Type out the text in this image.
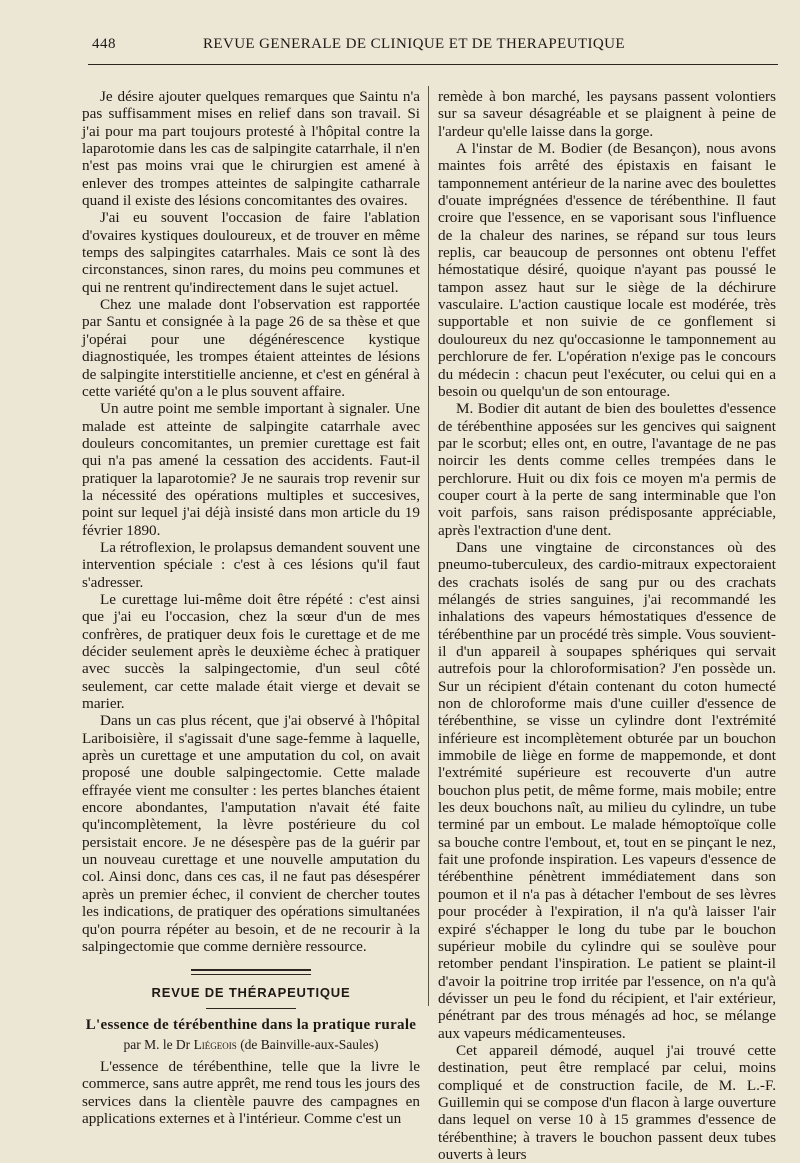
448	REVUE GENERALE DE CLINIQUE ET DE THERAPEUTIQUE

Je désire ajouter quelques remarques que Saintu n'a pas suffisamment mises en relief dans son travail. Si j'ai pour ma part toujours protesté à l'hôpital contre la laparotomie dans les cas de salpingite catarrhale, il n'en n'est pas moins vrai que le chirurgien est amené à enlever des trompes atteintes de salpingite catharrale quand il existe des lésions concomitantes des ovaires.

J'ai eu souvent l'occasion de faire l'ablation d'ovaires kystiques douloureux, et de trouver en même temps des salpingites catarrhales. Mais ce sont là des circonstances, sinon rares, du moins peu communes et qui ne rentrent qu'indirectement dans le sujet actuel.

Chez une malade dont l'observation est rapportée par Santu et consignée à la page 26 de sa thèse et que j'opérai pour une dégénérescence kystique diagnostiquée, les trompes étaient atteintes de lésions de salpingite interstitielle ancienne, et c'est en général à cette variété qu'on a le plus souvent affaire.

Un autre point me semble important à signaler. Une malade est atteinte de salpingite catarrhale avec douleurs concomitantes, un premier curettage est fait qui n'a pas amené la cessation des accidents. Faut-il pratiquer la laparotomie? Je ne saurais trop revenir sur la nécessité des opérations multiples et succesives, point sur lequel j'ai déjà insisté dans mon article du 19 février 1890.

La rétroflexion, le prolapsus demandent souvent une intervention spéciale : c'est à ces lésions qu'il faut s'adresser.

Le curettage lui-même doit être répété : c'est ainsi que j'ai eu l'occasion, chez la sœur d'un de mes confrères, de pratiquer deux fois le curettage et de me décider seulement après le deuxième échec à pratiquer avec succès la salpingectomie, d'un seul côté seulement, car cette malade était vierge et devait se marier.

Dans un cas plus récent, que j'ai observé à l'hôpital Lariboisière, il s'agissait d'une sage-femme à laquelle, après un curettage et une amputation du col, on avait proposé une double salpingectomie. Cette malade effrayée vient me consulter : les pertes blanches étaient encore abondantes, l'amputation n'avait été faite qu'incomplètement, la lèvre postérieure du col persistait encore. Je ne désespère pas de la guérir par un nouveau curettage et une nouvelle amputation du col. Ainsi donc, dans ces cas, il ne faut pas désespérer après un premier échec, il convient de chercher toutes les indications, de pratiquer des opérations simultanées qu'on pourra répéter au besoin, et de ne recourir à la salpingectomie que comme dernière ressource.

REVUE DE THÉRAPEUTIQUE
L'essence de térébenthine dans la pratique rurale
par M. le Dr Liégeois (de Bainville-aux-Saules)

L'essence de térébenthine, telle que la livre le commerce, sans autre apprêt, me rend tous les jours des services dans la clientèle pauvre des campagnes en applications externes et à l'intérieur. Comme c'est un

remède à bon marché, les paysans passent volontiers sur sa saveur désagréable et se plaignent à peine de l'ardeur qu'elle laisse dans la gorge.

A l'instar de M. Bodier (de Besançon), nous avons maintes fois arrêté des épistaxis en faisant le tamponnement antérieur de la narine avec des boulettes d'ouate imprégnées d'essence de térébenthine. Il faut croire que l'essence, en se vaporisant sous l'influence de la chaleur des narines, se répand sur tous leurs replis, car beaucoup de personnes ont obtenu l'effet hémostatique désiré, quoique n'ayant pas poussé le tampon assez haut sur le siège de la déchirure vasculaire. L'action caustique locale est modérée, très supportable et non suivie de ce gonflement si douloureux du nez qu'occasionne le tamponnement au perchlorure de fer. L'opération n'exige pas le concours du médecin : chacun peut l'exécuter, ou celui qui en a besoin ou quelqu'un de son entourage.

M. Bodier dit autant de bien des boulettes d'essence de térébenthine apposées sur les gencives qui saignent par le scorbut; elles ont, en outre, l'avantage de ne pas noircir les dents comme celles trempées dans le perchlorure. Huit ou dix fois ce moyen m'a permis de couper court à la perte de sang interminable que l'on voit parfois, sans raison prédisposante appréciable, après l'extraction d'une dent.

Dans une vingtaine de circonstances où des pneumo-tuberculeux, des cardio-mitraux expectoraient des crachats isolés de sang pur ou des crachats mélangés de stries sanguines, j'ai recommandé les inhalations des vapeurs hémostatiques d'essence de térébenthine par un procédé très simple. Vous souvient-il d'un appareil à soupapes sphériques qui servait autrefois pour la chloroformisation? J'en possède un. Sur un récipient d'étain contenant du coton humecté non de chloroforme mais d'une cuiller d'essence de térébenthine, se visse un cylindre dont l'extrémité inférieure est incomplètement obturée par un bouchon immobile de liège en forme de mappemonde, et dont l'extrémité supérieure est recouverte d'un autre bouchon plus petit, de même forme, mais mobile; entre les deux bouchons naît, au milieu du cylindre, un tube terminé par un embout. Le malade hémoptoïque colle sa bouche contre l'embout, et, tout en se pinçant le nez, fait une profonde inspiration. Les vapeurs d'essence de térébenthine pénètrent immédiatement dans son poumon et il n'a pas à détacher l'embout de ses lèvres pour procéder à l'expiration, il n'a qu'à laisser l'air expiré s'échapper le long du tube par le bouchon supérieur mobile du cylindre qui se soulève pour retomber pendant l'inspiration. Le patient se plaint-il d'avoir la poitrine trop irritée par l'essence, on n'a qu'à dévisser un peu le fond du récipient, et l'air extérieur, pénétrant par des trous ménagés ad hoc, se mélange aux vapeurs médicamenteuses.

Cet appareil démodé, auquel j'ai trouvé cette destination, peut être remplacé par celui, moins compliqué et de construction facile, de M. L.-F. Guillemin qui se compose d'un flacon à large ouverture dans lequel on verse 10 à 15 grammes d'essence de térébenthine; à travers le bouchon passent deux tubes ouverts à leurs
